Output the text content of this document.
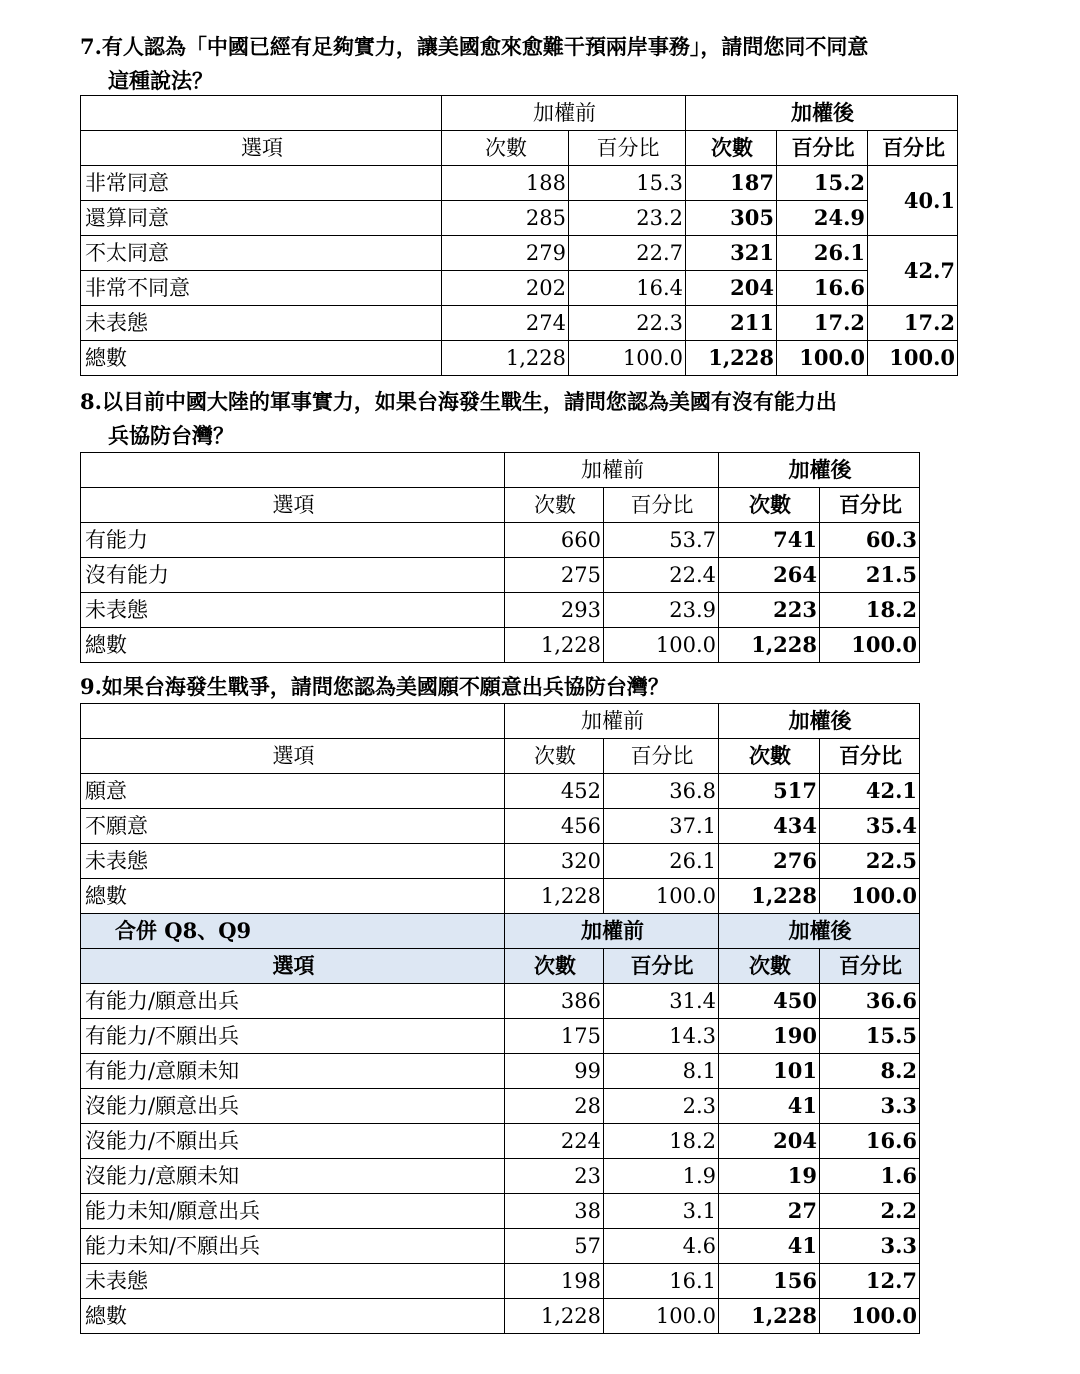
7.有人認為「中國已經有足夠實力，讓美國愈來愈難干預兩岸事務」，請問您同不同意
這種說法？
	加權前		加權後		
選項	次數	百分比	次數	百分比	百分比
非常同意	188	15.3	187	15.2	40.1
還算同意	285	23.2	305	24.9	
不太同意	279	22.7	321	26.1	42.7
非常不同意	202	16.4	204	16.6	
未表態	274	22.3	211	17.2	17.2
總數	1,228	100.0	1,228	100.0	100.0
8.以目前中國大陸的軍事實力，如果台海發生戰生，請問您認為美國有沒有能力出
兵協防台灣？
	加權前		加權後	
選項	次數	百分比	次數	百分比
有能力	660	53.7	741	60.3
沒有能力	275	22.4	264	21.5
未表態	293	23.9	223	18.2
總數	1,228	100.0	1,228	100.0
9.如果台海發生戰爭，請問您認為美國願不願意出兵協防台灣？
	加權前		加權後	
選項	次數	百分比	次數	百分比
願意	452	36.8	517	42.1
不願意	456	37.1	434	35.4
未表態	320	26.1	276	22.5
總數	1,228	100.0	1,228	100.0
合併 Q8、Q9	加權前		加權後	
選項	次數	百分比	次數	百分比
有能力/願意出兵	386	31.4	450	36.6
有能力/不願出兵	175	14.3	190	15.5
有能力/意願未知	99	8.1	101	8.2
沒能力/願意出兵	28	2.3	41	3.3
沒能力/不願出兵	224	18.2	204	16.6
沒能力/意願未知	23	1.9	19	1.6
能力未知/願意出兵	38	3.1	27	2.2
能力未知/不願出兵	57	4.6	41	3.3
未表態	198	16.1	156	12.7
總數	1,228	100.0	1,228	100.0
